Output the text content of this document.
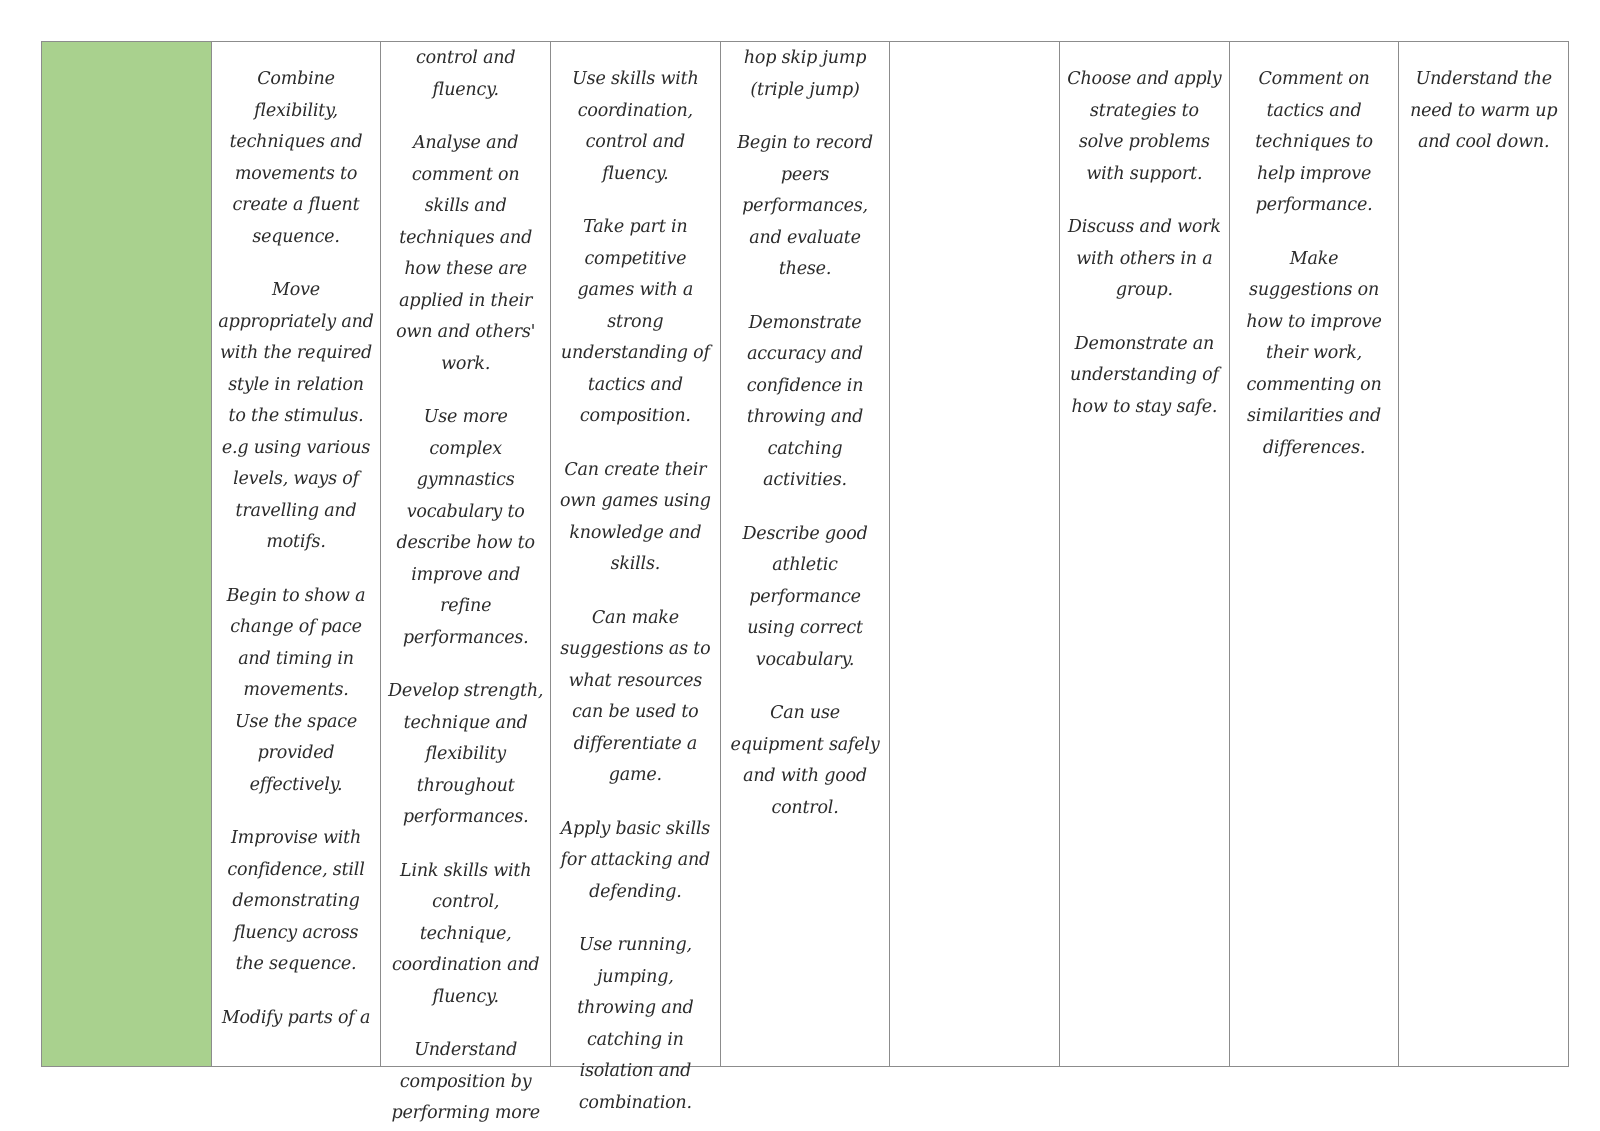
Combine flexibility, techniques and movements to create a fluent sequence.
Move appropriately and with the required style in relation to the stimulus. e.g using various levels, ways of travelling and motifs.
Begin to show a change of pace and timing in movements.
Use the space provided effectively.
Improvise with confidence, still demonstrating fluency across the sequence.
Modify parts of a
control and fluency.
Analyse and comment on skills and techniques and how these are applied in their own and others' work.
Use more complex gymnastics vocabulary to describe how to improve and refine performances.
Develop strength, technique and flexibility throughout performances.
Link skills with control, technique, coordination and fluency.
Understand composition by performing more
Use skills with coordination, control and fluency.
Take part in competitive games with a strong understanding of tactics and composition.
Can create their own games using knowledge and skills.
Can make suggestions as to what resources can be used to differentiate a game.
Apply basic skills for attacking and defending.
Use running, jumping, throwing and catching in isolation and combination.
hop skip jump (triple jump)
Begin to record peers performances, and evaluate these.
Demonstrate accuracy and confidence in throwing and catching activities.
Describe good athletic performance using correct vocabulary.
Can use equipment safely and with good control.
Choose and apply strategies to solve problems with support.
Discuss and work with others in a group.
Demonstrate an understanding of how to stay safe.
Comment on tactics and techniques to help improve performance.
Make suggestions on how to improve their work, commenting on similarities and differences.
Understand the need to warm up and cool down.
